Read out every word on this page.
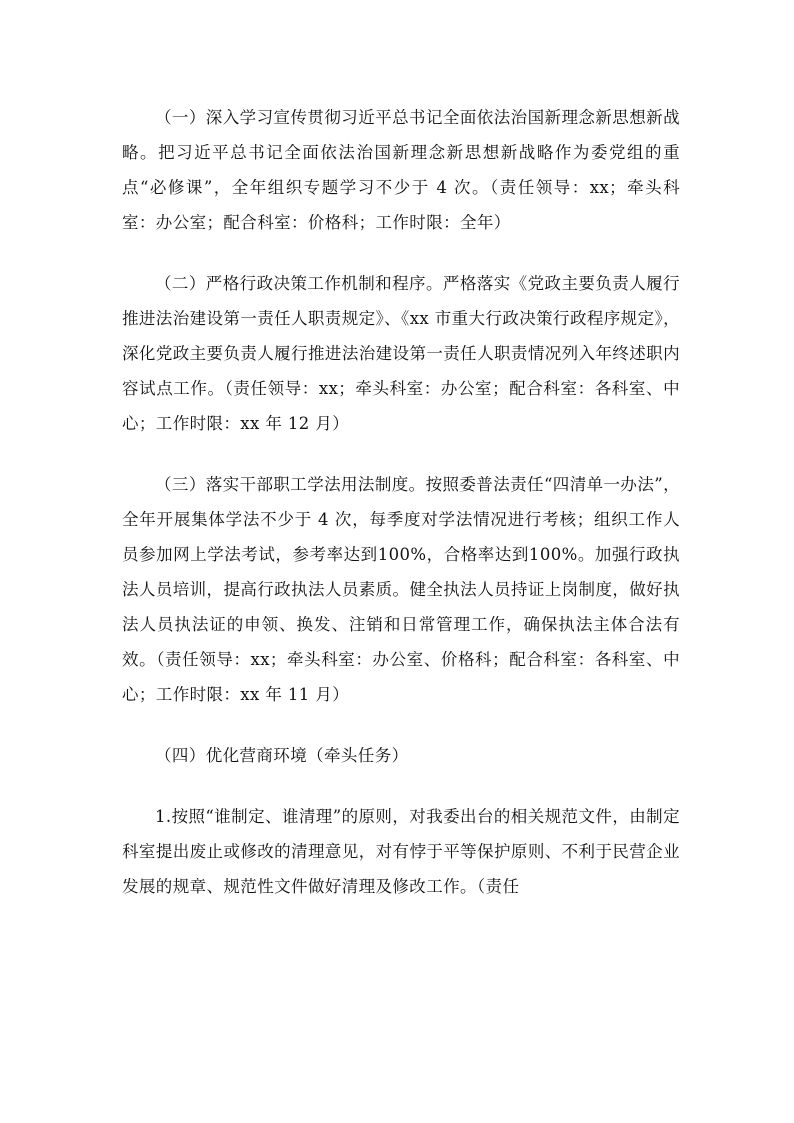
（一）深入学习宣传贯彻习近平总书记全面依法治国新理念新思想新战略。把习近平总书记全面依法治国新理念新思想新战略作为委党组的重点“必修课”，全年组织专题学习不少于 4 次。（责任领导：xx；牵头科室：办公室；配合科室：价格科；工作时限：全年）

（二）严格行政决策工作机制和程序。严格落实《党政主要负责人履行推进法治建设第一责任人职责规定》、《xx 市重大行政决策行政程序规定》，深化党政主要负责人履行推进法治建设第一责任人职责情况列入年终述职内容试点工作。（责任领导：xx；牵头科室：办公室；配合科室：各科室、中心；工作时限：xx 年 12 月）

（三）落实干部职工学法用法制度。按照委普法责任“四清单一办法”，全年开展集体学法不少于 4 次，每季度对学法情况进行考核；组织工作人员参加网上学法考试，参考率达到100%，合格率达到100%。加强行政执法人员培训，提高行政执法人员素质。健全执法人员持证上岗制度，做好执法人员执法证的申领、换发、注销和日常管理工作，确保执法主体合法有效。（责任领导：xx；牵头科室：办公室、价格科；配合科室：各科室、中心；工作时限：xx 年 11 月）

（四）优化营商环境（牵头任务）

1.按照“谁制定、谁清理”的原则，对我委出台的相关规范文件，由制定科室提出废止或修改的清理意见，对有悖于平等保护原则、不利于民营企业发展的规章、规范性文件做好清理及修改工作。（责任
